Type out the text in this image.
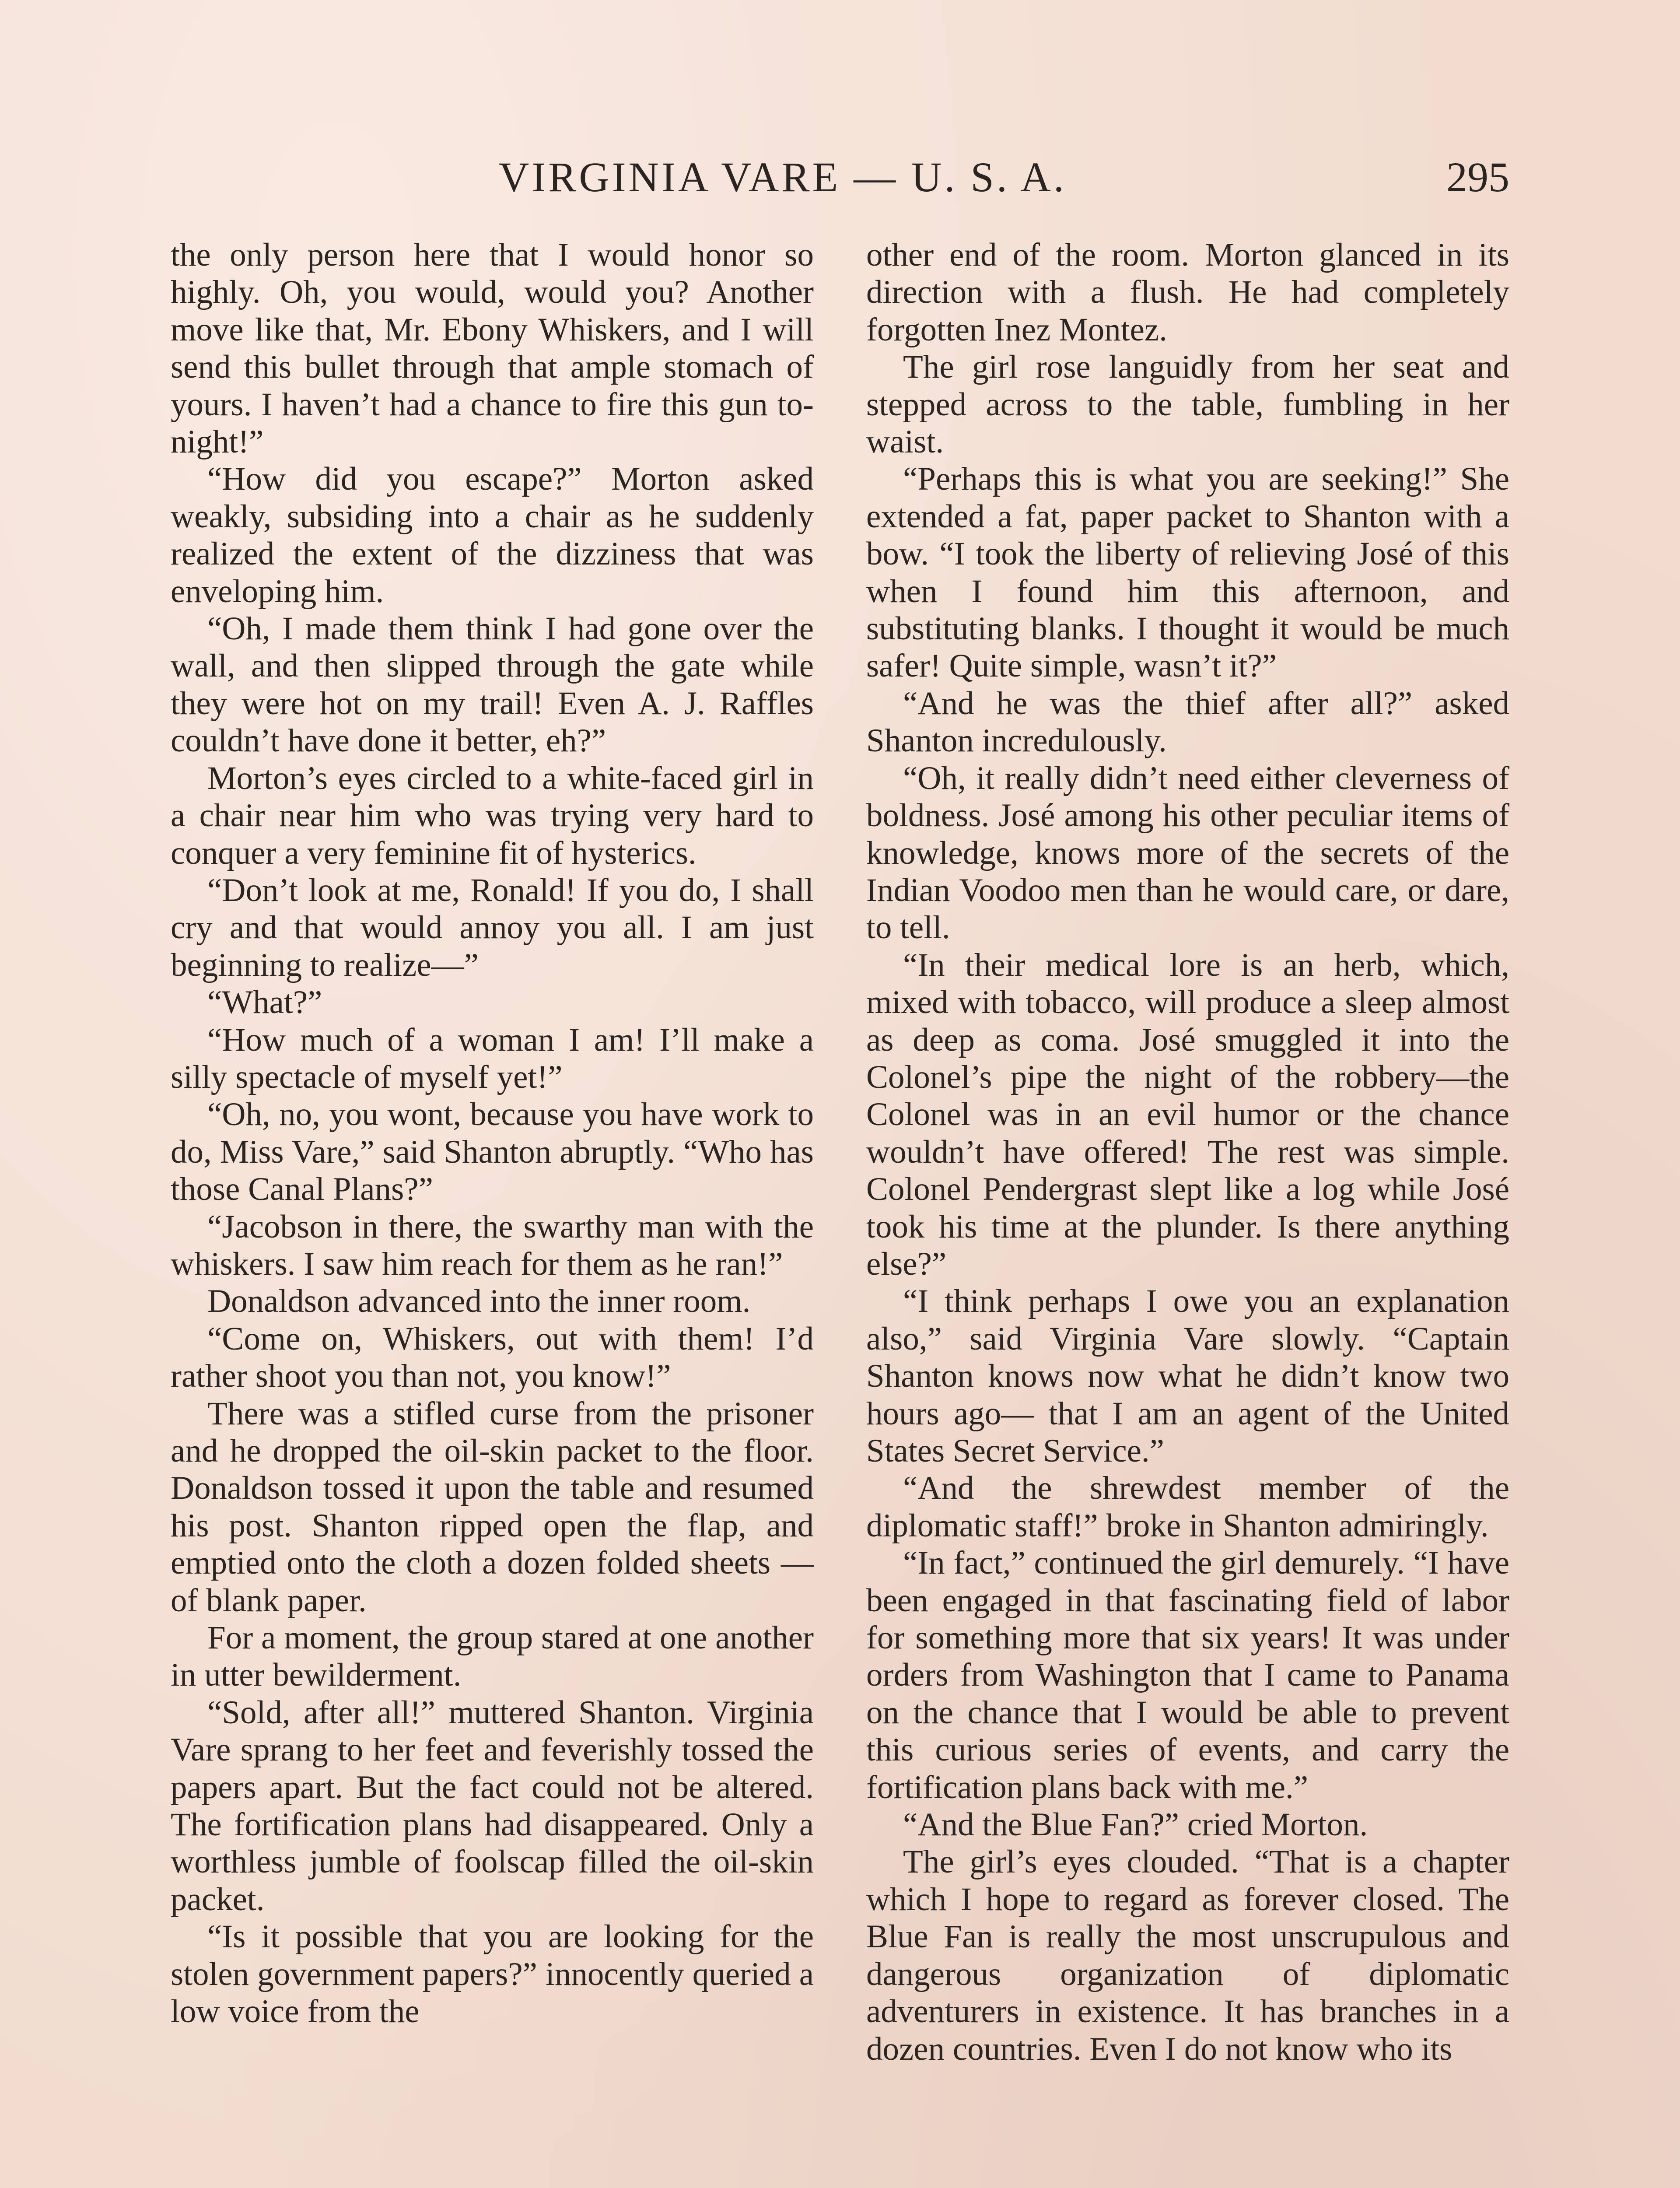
VIRGINIA VARE — U. S. A.	295

the only person here that I would honor so highly. Oh, you would, would you? Another move like that, Mr. Ebony Whiskers, and I will send this bullet through that ample stomach of yours. I haven’t had a chance to fire this gun to-night!”

“How did you escape?” Morton asked weakly, subsiding into a chair as he suddenly realized the extent of the dizziness that was enveloping him.

“Oh, I made them think I had gone over the wall, and then slipped through the gate while they were hot on my trail! Even A. J. Raffles couldn’t have done it better, eh?”

Morton’s eyes circled to a white-faced girl in a chair near him who was trying very hard to conquer a very feminine fit of hysterics.

“Don’t look at me, Ronald! If you do, I shall cry and that would annoy you all. I am just beginning to realize—”

“What?”

“How much of a woman I am! I’ll make a silly spectacle of myself yet!”

“Oh, no, you wont, because you have work to do, Miss Vare,” said Shanton abruptly. “Who has those Canal Plans?”

“Jacobson in there, the swarthy man with the whiskers. I saw him reach for them as he ran!”

Donaldson advanced into the inner room.

“Come on, Whiskers, out with them! I’d rather shoot you than not, you know!”

There was a stifled curse from the prisoner and he dropped the oil-skin packet to the floor. Donaldson tossed it upon the table and resumed his post. Shanton ripped open the flap, and emptied onto the cloth a dozen folded sheets —of blank paper.

For a moment, the group stared at one another in utter bewilderment.

“Sold, after all!” muttered Shanton. Virginia Vare sprang to her feet and feverishly tossed the papers apart. But the fact could not be altered. The fortification plans had disappeared. Only a worthless jumble of foolscap filled the oil-skin packet.

“Is it possible that you are looking for the stolen government papers?” innocently queried a low voice from the

other end of the room. Morton glanced in its direction with a flush. He had completely forgotten Inez Montez.

The girl rose languidly from her seat and stepped across to the table, fumbling in her waist.

“Perhaps this is what you are seeking!” She extended a fat, paper packet to Shanton with a bow. “I took the liberty of relieving José of this when I found him this afternoon, and substituting blanks. I thought it would be much safer! Quite simple, wasn’t it?”

“And he was the thief after all?” asked Shanton incredulously.

“Oh, it really didn’t need either cleverness of boldness. José among his other peculiar items of knowledge, knows more of the secrets of the Indian Voodoo men than he would care, or dare, to tell.

“In their medical lore is an herb, which, mixed with tobacco, will produce a sleep almost as deep as coma. José smuggled it into the Colonel’s pipe the night of the robbery—the Colonel was in an evil humor or the chance wouldn’t have offered! The rest was simple. Colonel Pendergrast slept like a log while José took his time at the plunder. Is there anything else?”

“I think perhaps I owe you an explanation also,” said Virginia Vare slowly. “Captain Shanton knows now what he didn’t know two hours ago— that I am an agent of the United States Secret Service.”

“And the shrewdest member of the diplomatic staff!” broke in Shanton admiringly.

“In fact,” continued the girl demurely. “I have been engaged in that fascinating field of labor for something more that six years! It was under orders from Washington that I came to Panama on the chance that I would be able to prevent this curious series of events, and carry the fortification plans back with me.”

“And the Blue Fan?” cried Morton.

The girl’s eyes clouded. “That is a chapter which I hope to regard as forever closed. The Blue Fan is really the most unscrupulous and dangerous organization of diplomatic adventurers in existence. It has branches in a dozen countries. Even I do not know who its
